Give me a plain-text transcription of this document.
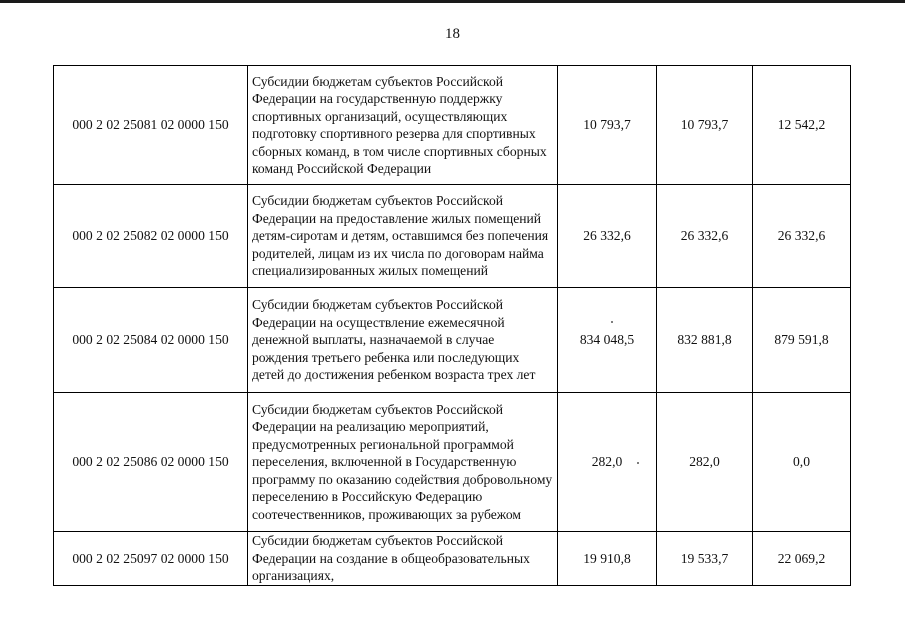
18
000 2 02 25081 02 0000 150	Субсидии бюджетам субъектов Российской Федерации на государственную поддержку спортивных организаций, осуществляющих подготовку спортивного резерва для спортивных сборных команд, в том числе спортивных сборных команд Российской Федерации	10 793,7	10 793,7	12 542,2
000 2 02 25082 02 0000 150	Субсидии бюджетам субъектов Российской Федерации на предоставление жилых помещений детям-сиротам и детям, оставшимся без попечения родителей, лицам из их числа по договорам найма специализированных жилых помещений	26 332,6	26 332,6	26 332,6
000 2 02 25084 02 0000 150	Субсидии бюджетам субъектов Российской Федерации на осуществление ежемесячной денежной выплаты, назначаемой в случае рождения третьего ребенка или последующих детей до достижения ребенком возраста трех лет	834 048,5	832 881,8	879 591,8
000 2 02 25086 02 0000 150	Субсидии бюджетам субъектов Российской Федерации на реализацию мероприятий, предусмотренных региональной программой переселения, включенной в Государственную программу по оказанию содействия добровольному переселению в Российскую Федерацию соотечественников, проживающих за рубежом	282,0	282,0	0,0
000 2 02 25097 02 0000 150	Субсидии бюджетам субъектов Российской Федерации на создание в общеобразовательных организациях,	19 910,8	19 533,7	22 069,2
